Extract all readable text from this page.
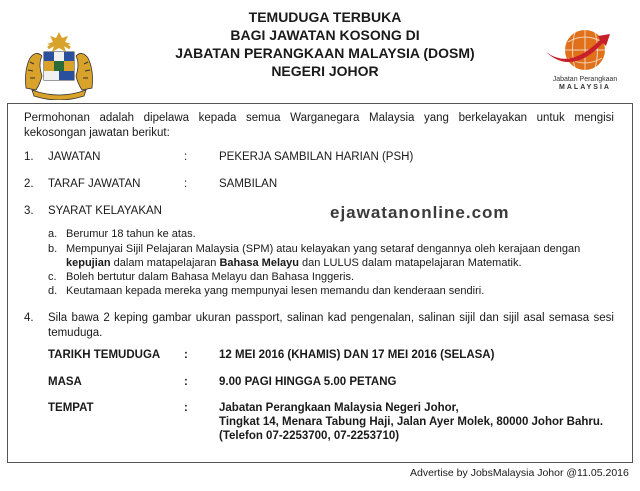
TEMUDUGA TERBUKA
BAGI JAWATAN KOSONG DI
JABATAN PERANGKAAN MALAYSIA (DOSM)
NEGERI JOHOR
Jabatan Perangkaan
MALAYSIA
Permohonan adalah dipelawa kepada semua Warganegara Malaysia yang berkelayakan untuk mengisi kekosongan jawatan berikut:
1. JAWATAN	:	PEKERJA SAMBILAN HARIAN (PSH)
2. TARAF JAWATAN	:	SAMBILAN
3. SYARAT KELAYAKAN	ejawatanonline.com
a. Berumur 18 tahun ke atas.
b. Mempunyai Sijil Pelajaran Malaysia (SPM) atau kelayakan yang setaraf dengannya oleh kerajaan dengan
kepujian dalam matapelajaran Bahasa Melayu dan LULUS dalam matapelajaran Matematik.
c. Boleh bertutur dalam Bahasa Melayu dan Bahasa Inggeris.
d. Keutamaan kepada mereka yang mempunyai lesen memandu dan kenderaan sendiri.
4. Sila bawa 2 keping gambar ukuran passport, salinan kad pengenalan, salinan sijil dan sijil asal semasa sesi temuduga.
TARIKH TEMUDUGA :	12 MEI 2016 (KHAMIS) DAN 17 MEI 2016 (SELASA)
MASA	:	9.00 PAGI HINGGA 5.00 PETANG
TEMPAT	:	Jabatan Perangkaan Malaysia Negeri Johor,
Tingkat 14, Menara Tabung Haji, Jalan Ayer Molek, 80000 Johor Bahru.
(Telefon 07-2253700, 07-2253710)
Advertise by JobsMalaysia Johor @11.05.2016
